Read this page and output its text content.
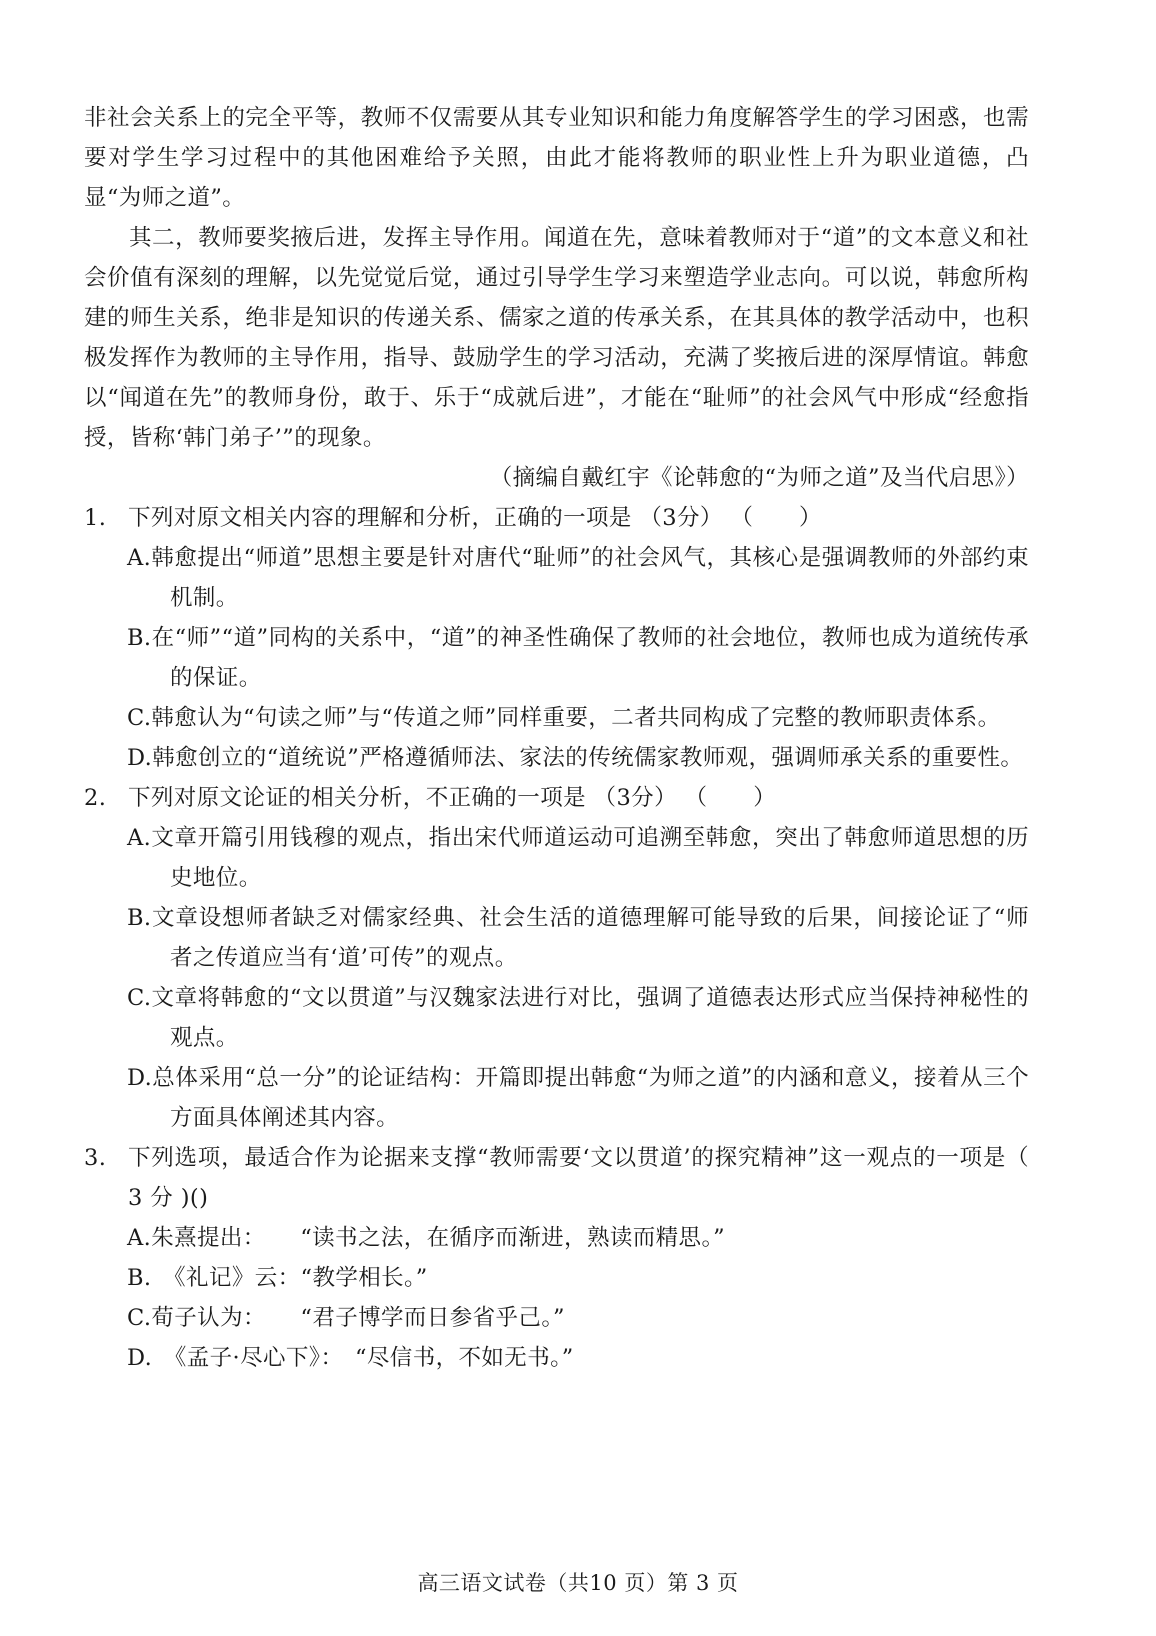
非社会关系上的完全平等，教师不仅需要从其专业知识和能力角度解答学生的学习困惑，也需要对学生学习过程中的其他困难给予关照，由此才能将教师的职业性上升为职业道德，凸显“为师之道”。

其二，教师要奖掖后进，发挥主导作用。闻道在先，意味着教师对于“道”的文本意义和社会价值有深刻的理解，以先觉觉后觉，通过引导学生学习来塑造学业志向。可以说，韩愈所构建的师生关系，绝非是知识的传递关系、儒家之道的传承关系，在其具体的教学活动中，也积极发挥作为教师的主导作用，指导、鼓励学生的学习活动，充满了奖掖后进的深厚情谊。韩愈以“闻道在先”的教师身份，敢于、乐于“成就后进”，才能在“耻师”的社会风气中形成“经愈指授，皆称‘韩门弟子’”的现象。

（摘编自戴红宇《论韩愈的“为师之道”及当代启思》）

1. 下列对原文相关内容的理解和分析，正确的一项是 （3分） （　　）

A.韩愈提出“师道”思想主要是针对唐代“耻师”的社会风气，其核心是强调教师的外部约束机制。

B.在“师”“道”同构的关系中，“道”的神圣性确保了教师的社会地位，教师也成为道统传承的保证。

C.韩愈认为“句读之师”与“传道之师”同样重要，二者共同构成了完整的教师职责体系。

D.韩愈创立的“道统说”严格遵循师法、家法的传统儒家教师观，强调师承关系的重要性。

2. 下列对原文论证的相关分析，不正确的一项是 （3分） （　　）

A.文章开篇引用钱穆的观点，指出宋代师道运动可追溯至韩愈，突出了韩愈师道思想的历史地位。

B.文章设想师者缺乏对儒家经典、社会生活的道德理解可能导致的后果，间接论证了“师者之传道应当有‘道’可传”的观点。

C.文章将韩愈的“文以贯道”与汉魏家法进行对比，强调了道德表达形式应当保持神秘性的观点。

D.总体采用“总一分”的论证结构：开篇即提出韩愈“为师之道”的内涵和意义，接着从三个方面具体阐述其内容。

3. 下列选项，最适合作为论据来支撑“教师需要‘文以贯道’的探究精神”这一观点的一项是（ 3 分 )()

A.朱熹提出：　　“读书之法，在循序而渐进，熟读而精思。”

B.　《礼记》云：“教学相长。”

C.荀子认为：　　“君子博学而日参省乎己。”

D.　《孟子·尽心下》：　“尽信书，不如无书。”

高三语文试卷（共10 页）第 3 页
